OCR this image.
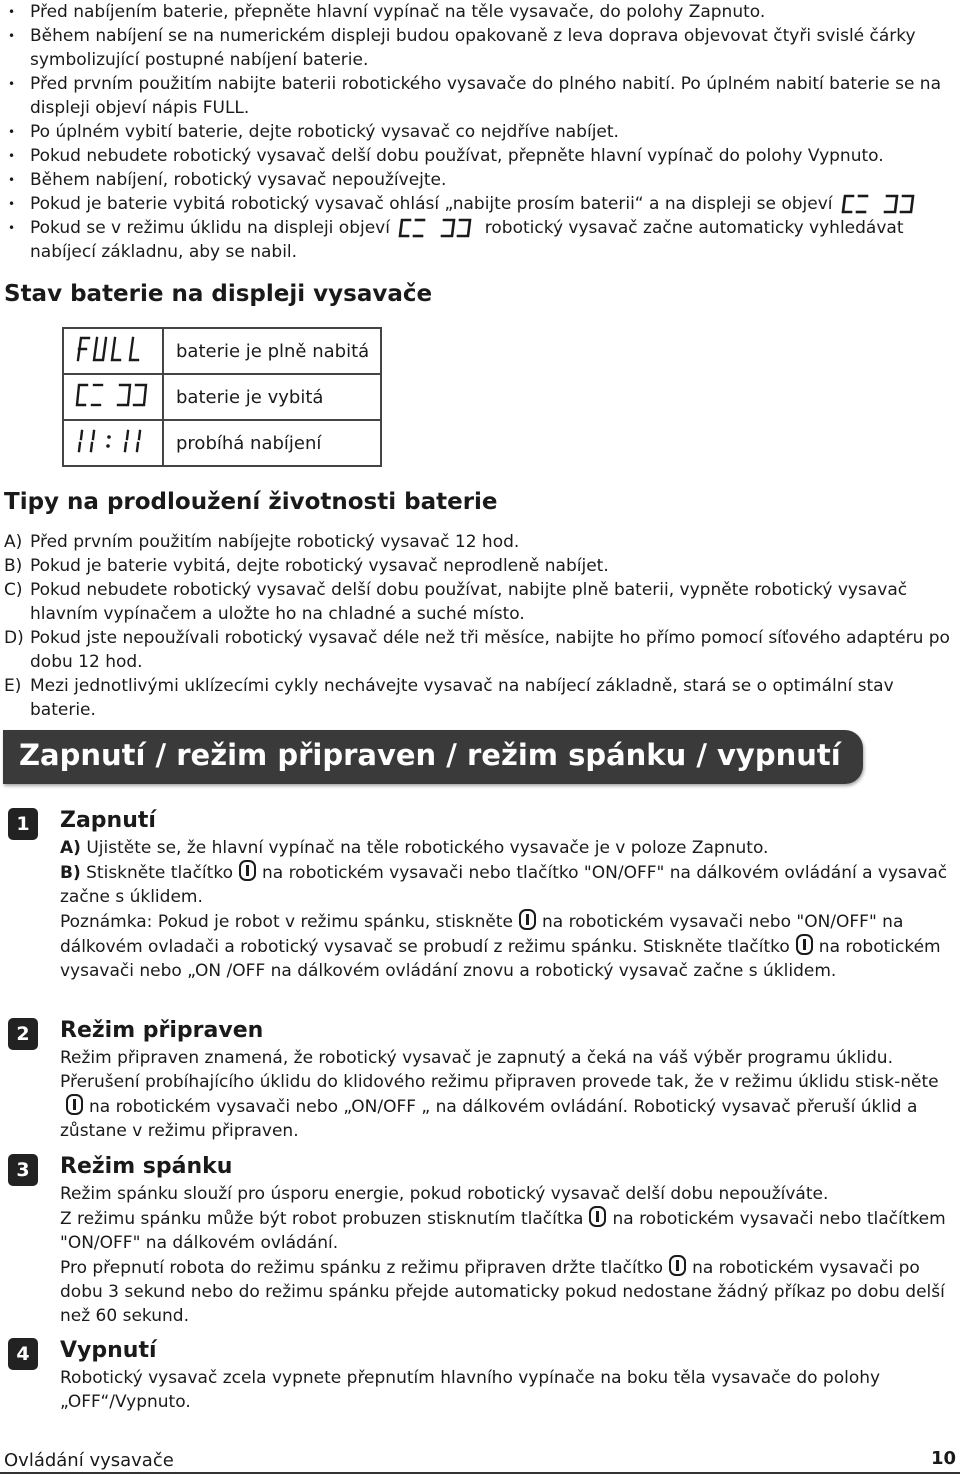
• Před nabíjením baterie, přepněte hlavní vypínač na těle vysavače, do polohy Zapnuto.
• Během nabíjení se na numerickém displeji budou opakovaně z leva doprava objevovat čtyři svislé čárky symbolizující postupné nabíjení baterie.
• Před prvním použitím nabijte baterii robotického vysavače do plného nabití. Po úplném nabití baterie se na displeji objeví nápis FULL.
• Po úplném vybití baterie, dejte robotický vysavač co nejdříve nabíjet.
• Pokud nebudete robotický vysavač delší dobu používat, přepněte hlavní vypínač do polohy Vypnuto.
• Během nabíjení, robotický vysavač nepoužívejte.
• Pokud je baterie vybitá robotický vysavač ohlásí „nabijte prosím baterii“ a na displeji se objeví
• Pokud se v režimu úklidu na displeji objeví	robotický vysavač začne automaticky vyhledávat nabíjecí základnu, aby se nabil.
Stav baterie na displeji vysavače
	baterie je plně nabitá
	baterie je vybitá
	probíhá nabíjení
Tipy na prodloužení životnosti baterie
A) Před prvním použitím nabíjejte robotický vysavač 12 hod.
B) Pokud je baterie vybitá, dejte robotický vysavač neprodleně nabíjet.
C) Pokud nebudete robotický vysavač delší dobu používat, nabijte plně baterii, vypněte robotický vysavač hlavním vypínačem a uložte ho na chladné a suché místo.
D) Pokud jste nepoužívali robotický vysavač déle než tři měsíce, nabijte ho přímo pomocí síťového adaptéru po dobu 12 hod.
E) Mezi jednotlivými uklízecími cykly nechávejte vysavač na nabíjecí základně, stará se o optimální stav baterie.
Zapnutí / režim připraven / režim spánku / vypnutí
1	Zapnutí

A) Ujistěte se, že hlavní vypínač na těle robotického vysavače je v poloze Zapnuto.

B) Stiskněte tlačítko na robotickém vysavači nebo tlačítko "ON/OFF" na dálkovém ovládání a vysavač začne s úklidem.

Poznámka: Pokud je robot v režimu spánku, stiskněte na robotickém vysavači nebo "ON/OFF" na dálkovém ovladači a robotický vysavač se probudí z režimu spánku. Stiskněte tlačítko na robotickém vysavači nebo „ON /OFF na dálkovém ovládání znovu a robotický vysavač začne s úklidem.

2	Režim připraven

Režim připraven znamená, že robotický vysavač je zapnutý a čeká na váš výběr programu úklidu. Přerušení probíhajícího úklidu do klidového režimu připraven provede tak, že v režimu úklidu stisk-nětena robotickém vysavači nebo „ON/OFF „ na dálkovém ovládání. Robotický vysavač přeruší úklid a zůstane v režimu připraven.

3	Režim spánku

Režim spánku slouží pro úsporu energie, pokud robotický vysavač delší dobu nepoužíváte.

Z režimu spánku může být robot probuzen stisknutím tlačítka na robotickém vysavači nebo tlačítkem "ON/OFF" na dálkovém ovládání.

Pro přepnutí robota do režimu spánku z režimu připraven držte tlačítko na robotickém vysavači po dobu 3 sekund nebo do režimu spánku přejde automaticky pokud nedostane žádný příkaz po dobu delší než 60 sekund.

4	Vypnutí

Robotický vysavač zcela vypnete přepnutím hlavního vypínače na boku těla vysavače do polohy „OFF“/Vypnuto.

Ovládání vysavače	10
